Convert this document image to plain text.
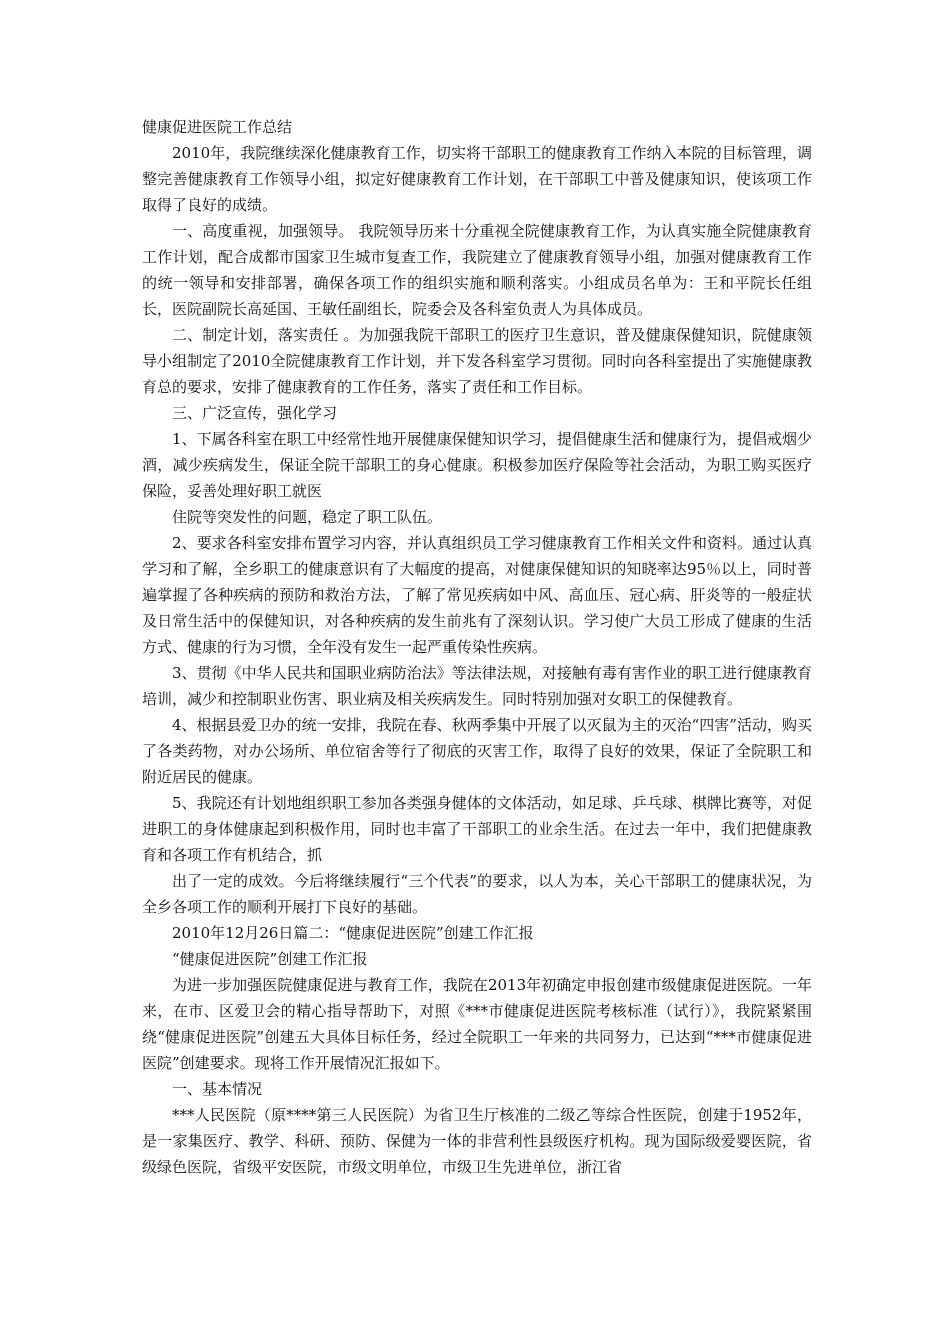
健康促进医院工作总结

2010年，我院继续深化健康教育工作，切实将干部职工的健康教育工作纳入本院的目标管理，调整完善健康教育工作领导小组，拟定好健康教育工作计划，在干部职工中普及健康知识，使该项工作取得了良好的成绩。

一、高度重视，加强领导。 我院领导历来十分重视全院健康教育工作，为认真实施全院健康教育工作计划，配合成都市国家卫生城市复查工作，我院建立了健康教育领导小组，加强对健康教育工作的统一领导和安排部署，确保各项工作的组织实施和顺利落实。小组成员名单为：王和平院长任组长，医院副院长高延国、王敏任副组长，院委会及各科室负责人为具体成员。

二、制定计划，落实责任 。为加强我院干部职工的医疗卫生意识，普及健康保健知识，院健康领导小组制定了2010全院健康教育工作计划，并下发各科室学习贯彻。同时向各科室提出了实施健康教育总的要求，安排了健康教育的工作任务，落实了责任和工作目标。

三、广泛宣传，强化学习

1、下属各科室在职工中经常性地开展健康保健知识学习，提倡健康生活和健康行为，提倡戒烟少酒，减少疾病发生，保证全院干部职工的身心健康。积极参加医疗保险等社会活动，为职工购买医疗保险，妥善处理好职工就医

住院等突发性的问题，稳定了职工队伍。

2、要求各科室安排布置学习内容，并认真组织员工学习健康教育工作相关文件和资料。通过认真学习和了解，全乡职工的健康意识有了大幅度的提高，对健康保健知识的知晓率达95％以上，同时普遍掌握了各种疾病的预防和救治方法，了解了常见疾病如中风、高血压、冠心病、肝炎等的一般症状及日常生活中的保健知识，对各种疾病的发生前兆有了深刻认识。学习使广大员工形成了健康的生活方式、健康的行为习惯，全年没有发生一起严重传染性疾病。

3、贯彻《中华人民共和国职业病防治法》等法律法规，对接触有毒有害作业的职工进行健康教育培训，减少和控制职业伤害、职业病及相关疾病发生。同时特别加强对女职工的保健教育。

4、根据县爱卫办的统一安排，我院在春、秋两季集中开展了以灭鼠为主的灭治“四害”活动，购买了各类药物，对办公场所、单位宿舍等行了彻底的灭害工作，取得了良好的效果，保证了全院职工和附近居民的健康。

5、我院还有计划地组织职工参加各类强身健体的文体活动，如足球、乒乓球、棋牌比赛等，对促进职工的身体健康起到积极作用，同时也丰富了干部职工的业余生活。在过去一年中，我们把健康教育和各项工作有机结合，抓

出了一定的成效。今后将继续履行“三个代表”的要求，以人为本，关心干部职工的健康状况，为全乡各项工作的顺利开展打下良好的基础。

2010年12月26日篇二：“健康促进医院”创建工作汇报

“健康促进医院”创建工作汇报

为进一步加强医院健康促进与教育工作，我院在2013年初确定申报创建市级健康促进医院。一年来，在市、区爱卫会的精心指导帮助下，对照《***市健康促进医院考核标准（试行）》，我院紧紧围绕“健康促进医院”创建五大具体目标任务，经过全院职工一年来的共同努力，已达到“***市健康促进医院”创建要求。现将工作开展情况汇报如下。

一、基本情况

***人民医院（原****第三人民医院）为省卫生厅核准的二级乙等综合性医院，创建于1952年，是一家集医疗、教学、科研、预防、保健为一体的非营利性县级医疗机构。现为国际级爱婴医院，省级绿色医院，省级平安医院，市级文明单位，市级卫生先进单位，浙江省
